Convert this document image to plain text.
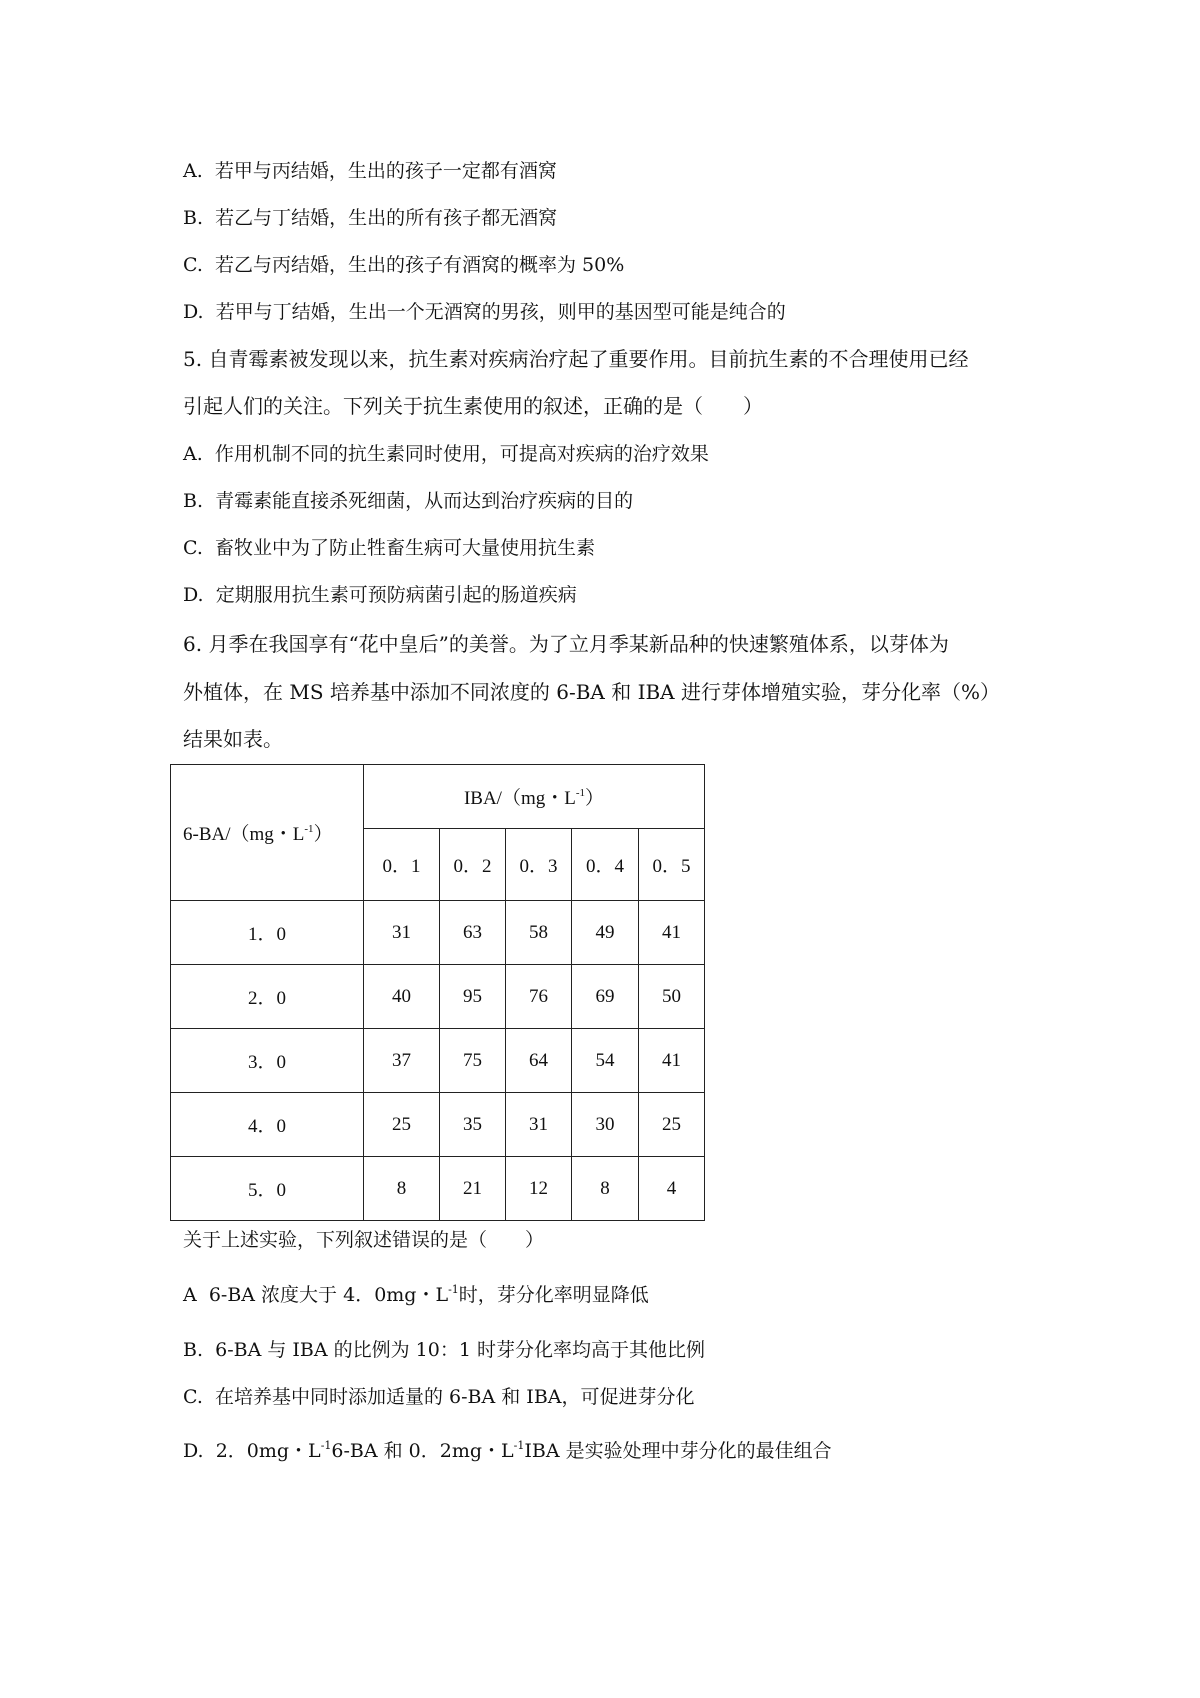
A. 若甲与丙结婚，生出的孩子一定都有酒窝

B. 若乙与丁结婚，生出的所有孩子都无酒窝

C. 若乙与丙结婚，生出的孩子有酒窝的概率为 50%

D. 若甲与丁结婚，生出一个无酒窝的男孩，则甲的基因型可能是纯合的

5. 自青霉素被发现以来，抗生素对疾病治疗起了重要作用。目前抗生素的不合理使用已经

引起人们的关注。下列关于抗生素使用的叙述，正确的是（　　）

A. 作用机制不同的抗生素同时使用，可提高对疾病的治疗效果

B. 青霉素能直接杀死细菌，从而达到治疗疾病的目的

C. 畜牧业中为了防止牲畜生病可大量使用抗生素

D. 定期服用抗生素可预防病菌引起的肠道疾病

6. 月季在我国享有“花中皇后”的美誉。为了立月季某新品种的快速繁殖体系，以芽体为

外植体，在 MS 培养基中添加不同浓度的 6-BA 和 IBA 进行芽体增殖实验，芽分化率（%）

结果如表。

6-BA/（mg・$L^{-1}$）	IBA/（mg・$L^{-1}$）				
	0．1	0．2	0．3	0．4	0．5
1．0	31	63	58	49	41
2．0	40	95	76	69	50
3．0	37	75	64	54	41
4．0	25	35	31	30	25
5．0	8	21	12	8	4

关于上述实验，下列叙述错误的是（　　）

A 6-BA 浓度大于 4．0mg・$L^{-1}$时，芽分化率明显降低

B. 6-BA 与 IBA 的比例为 10：1 时芽分化率均高于其他比例

C. 在培养基中同时添加适量的 6-BA 和 IBA，可促进芽分化

D. 2．0mg・$L^{-1}6-BA$ 和 0．2mg・$L^{-1}IBA$ 是实验处理中芽分化的最佳组合
